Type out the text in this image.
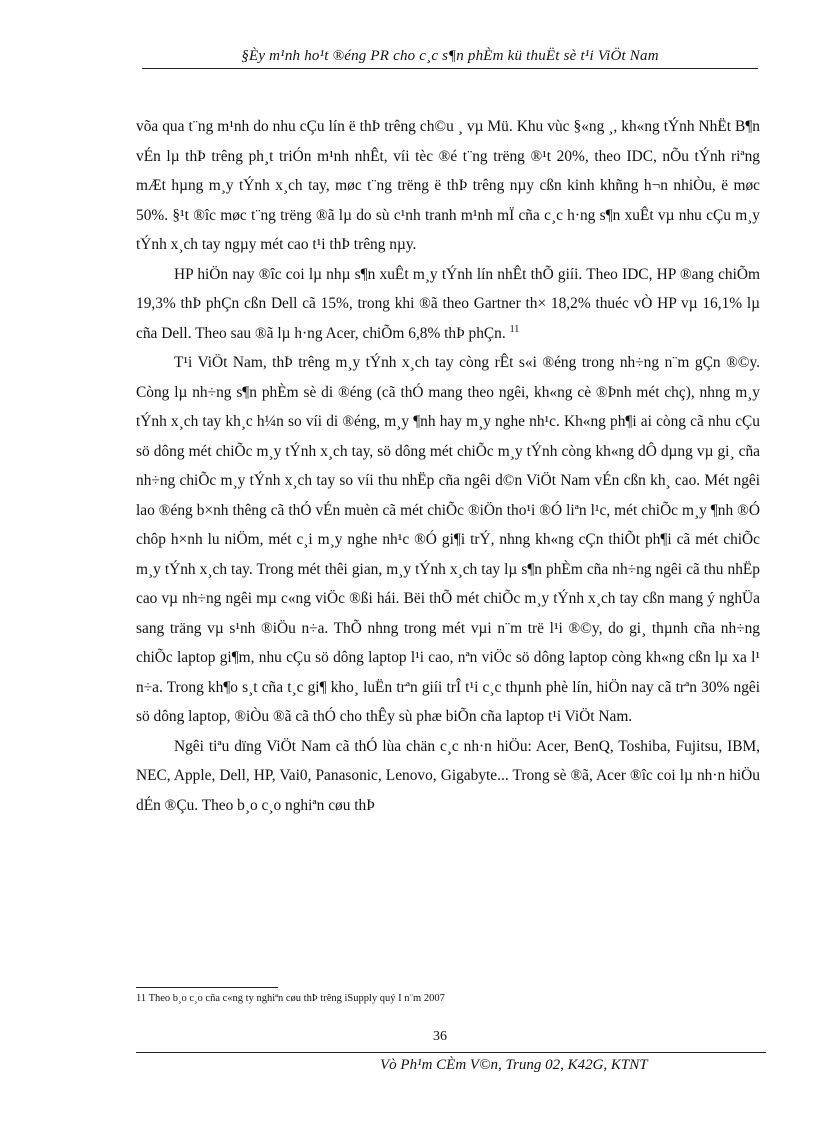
§Èy m¹nh ho¹t ®éng PR cho c¸c s¶n phÈm kü thuËt sè t¹i ViÖt Nam

võa qua t¨ng m¹nh do nhu cÇu lín ë thÞ trêng ch©u ¸ vµ Mü. Khu vùc §«ng ¸, kh«ng tÝnh NhËt B¶n vÉn lµ thÞ trêng ph¸t triÓn m¹nh nhÊt, víi tèc ®é t¨ng trëng ®¹t 20%, theo IDC, nÕu tÝnh riªng mÆt hµng m¸y tÝnh x¸ch tay, møc t¨ng trëng ë thÞ trêng nµy cßn kinh khñng h¬n nhiÒu, ë møc 50%. §¹t ®îc møc t¨ng trëng ®ã lµ do sù c¹nh tranh m¹nh mÏ cña c¸c h·ng s¶n xuÊt vµ nhu cÇu m¸y tÝnh x¸ch tay ngµy mét cao t¹i thÞ trêng nµy.

HP hiÖn nay ®îc coi lµ nhµ s¶n xuÊt m¸y tÝnh lín nhÊt thÕ giíi. Theo IDC, HP ®ang chiÕm 19,3% thÞ phÇn cßn Dell cã 15%, trong khi ®ã theo Gartner th× 18,2% thuéc vÒ HP vµ 16,1% lµ cña Dell. Theo sau ®ã lµ h·ng Acer, chiÕm 6,8% thÞ phÇn. $^{11}$

T¹i ViÖt Nam, thÞ trêng m¸y tÝnh x¸ch tay còng rÊt s«i ®éng trong nh÷ng n¨m gÇn ®©y. Còng lµ nh÷ng s¶n phÈm sè di ®éng (cã thÓ mang theo ngêi, kh«ng cè ®Þnh mét chç), nhng m¸y tÝnh x¸ch tay kh¸c h¼n so víi di ®éng, m¸y ¶nh hay m¸y nghe nh¹c. Kh«ng ph¶i ai còng cã nhu cÇu sö dông mét chiÕc m¸y tÝnh x¸ch tay, sö dông mét chiÕc m¸y tÝnh còng kh«ng dÔ dµng vµ gi¸ cña nh÷ng chiÕc m¸y tÝnh x¸ch tay so víi thu nhËp cña ngêi d©n ViÖt Nam vÉn cßn kh¸ cao. Mét ngêi lao ®éng b×nh thêng cã thÓ vÉn muèn cã mét chiÕc ®iÖn tho¹i ®Ó liªn l¹c, mét chiÕc m¸y ¶nh ®Ó chôp h×nh lu niÖm, mét c¸i m¸y nghe nh¹c ®Ó gi¶i trÝ, nhng kh«ng cÇn thiÕt ph¶i cã mét chiÕc m¸y tÝnh x¸ch tay. Trong mét thêi gian, m¸y tÝnh x¸ch tay lµ s¶n phÈm cña nh÷ng ngêi cã thu nhËp cao vµ nh÷ng ngêi mµ c«ng viÖc ®ßi hái. Bëi thÕ mét chiÕc m¸y tÝnh x¸ch tay cßn mang ý nghÜa sang träng vµ s¹nh ®iÖu n÷a. ThÕ nhng trong mét vµi n¨m trë l¹i ®©y, do gi¸ thµnh cña nh÷ng chiÕc laptop gi¶m, nhu cÇu sö dông laptop l¹i cao, nªn viÖc sö dông laptop còng kh«ng cßn lµ xa l¹ n÷a. Trong kh¶o s¸t cña t¸c gi¶ kho¸ luËn trªn giíi trÎ t¹i c¸c thµnh phè lín, hiÖn nay cã trªn 30% ngêi sö dông laptop, ®iÒu ®ã cã thÓ cho thÊy sù phæ biÕn cña laptop t¹i ViÖt Nam.

Ngêi tiªu dïng ViÖt Nam cã thÓ lùa chän c¸c nh·n hiÖu: Acer, BenQ, Toshiba, Fujitsu, IBM, NEC, Apple, Dell, HP, Vai0, Panasonic, Lenovo, Gigabyte... Trong sè ®ã, Acer ®îc coi lµ nh·n hiÖu dÉn ®Çu. Theo b¸o c¸o nghiªn cøu thÞ

11 Theo b¸o c¸o cña c«ng ty nghiªn cøu thÞ trêng iSupply quý I n¨m 2007
36
Vò Ph¹m CÈm V©n, Trung 02, K42G, KTNT
